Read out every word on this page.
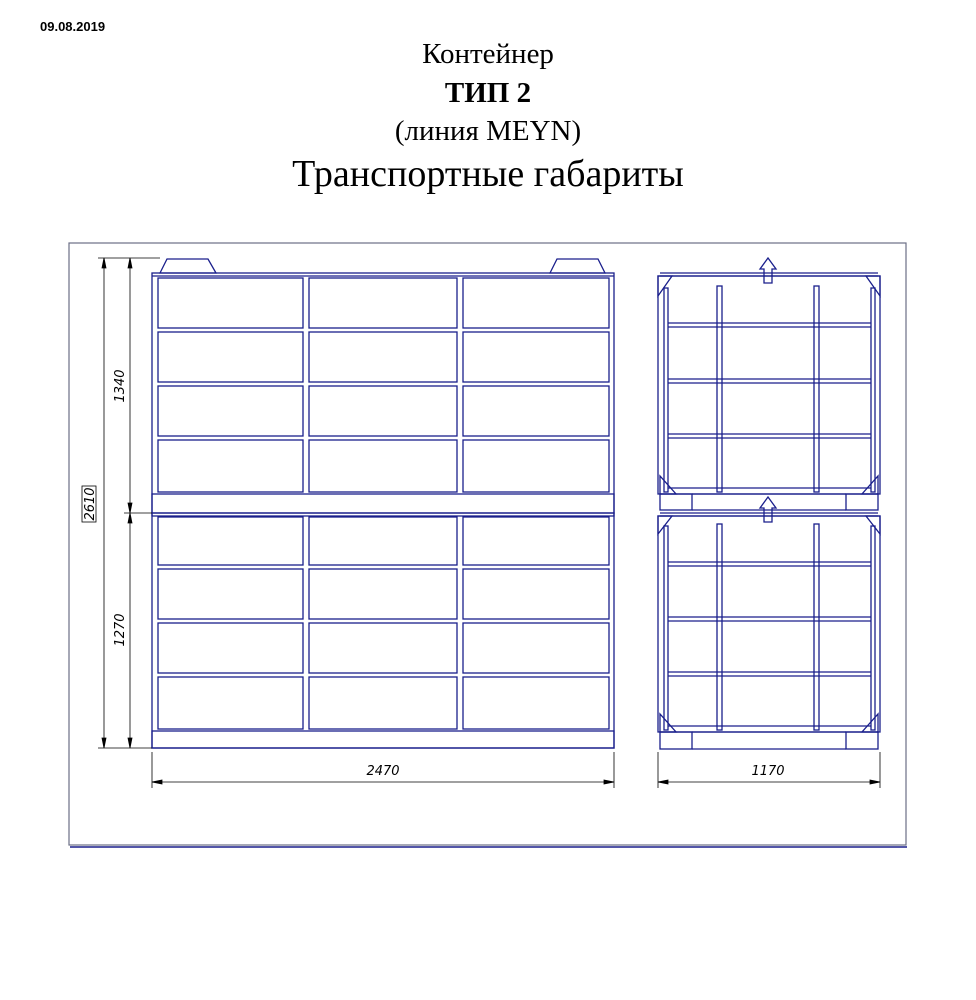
09.08.2019
Контейнер
ТИП 2
(линия MEYN)
Транспортные габариты
1340
1270
2610
2470	1170
